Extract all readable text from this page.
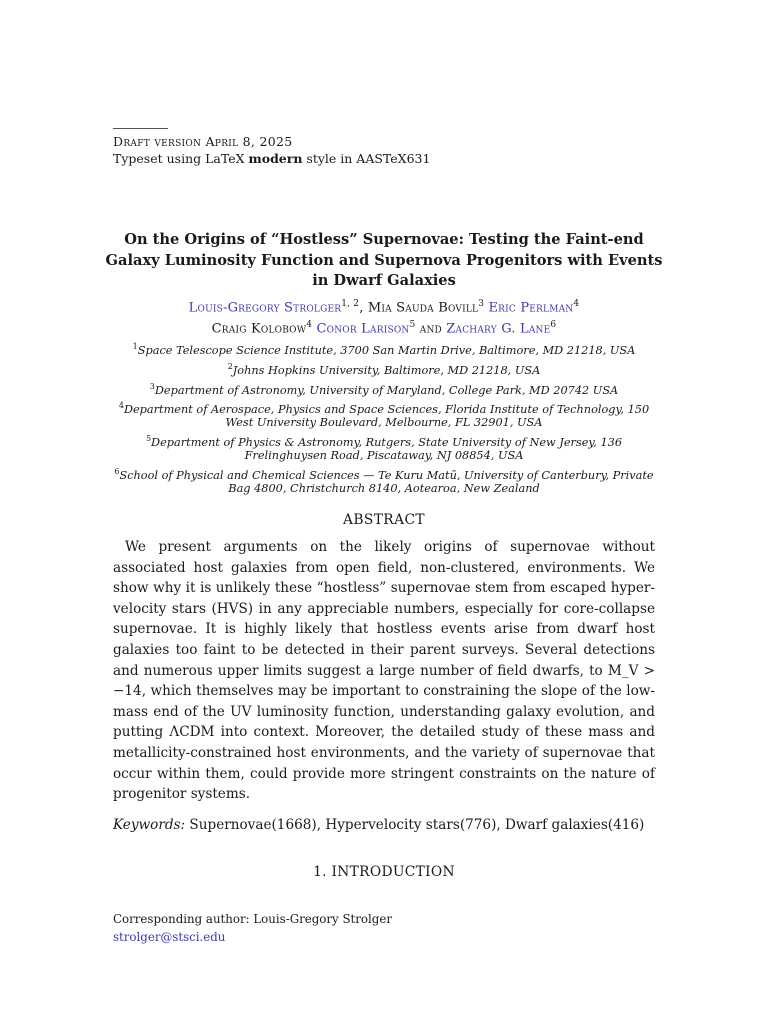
Draft version April 8, 2025
Typeset using LaTeX modern style in AASTeX631
On the Origins of “Hostless” Supernovae: Testing the Faint-end Galaxy Luminosity Function and Supernova Progenitors with Events in Dwarf Galaxies
Louis-Gregory Strolger$^{1, 2}$, Mia Sauda Bovill$^3$ Eric Perlman$^4$
Craig Kolobow$^4$ Conor Larison$^5$ and Zachary G. Lane$^6$
$^1$Space Telescope Science Institute, 3700 San Martin Drive, Baltimore, MD 21218, USA
$^2$Johns Hopkins University, Baltimore, MD 21218, USA
$^3$Department of Astronomy, University of Maryland, College Park, MD 20742 USA
$^4$Department of Aerospace, Physics and Space Sciences, Florida Institute of Technology, 150 West University Boulevard, Melbourne, FL 32901, USA
$^5$Department of Physics & Astronomy, Rutgers, State University of New Jersey, 136 Frelinghuysen Road, Piscataway, NJ 08854, USA
$^6$School of Physical and Chemical Sciences — Te Kuru Matū, University of Canterbury, Private Bag 4800, Christchurch 8140, Aotearoa, New Zealand
ABSTRACT
We present arguments on the likely origins of supernovae without associated host galaxies from open field, non-clustered, environments. We show why it is unlikely these “hostless” supernovae stem from escaped hyper-velocity stars (HVS) in any appreciable numbers, especially for core-collapse supernovae. It is highly likely that hostless events arise from dwarf host galaxies too faint to be detected in their parent surveys. Several detections and numerous upper limits suggest a large number of field dwarfs, to M_V > −14, which themselves may be important to constraining the slope of the low-mass end of the UV luminosity function, understanding galaxy evolution, and putting ΛCDM into context. Moreover, the detailed study of these mass and metallicity-constrained host environments, and the variety of supernovae that occur within them, could provide more stringent constraints on the nature of progenitor systems.
Keywords: Supernovae(1668), Hypervelocity stars(776), Dwarf galaxies(416)
1. INTRODUCTION
Corresponding author: Louis-Gregory Strolger
strolger@stsci.edu
